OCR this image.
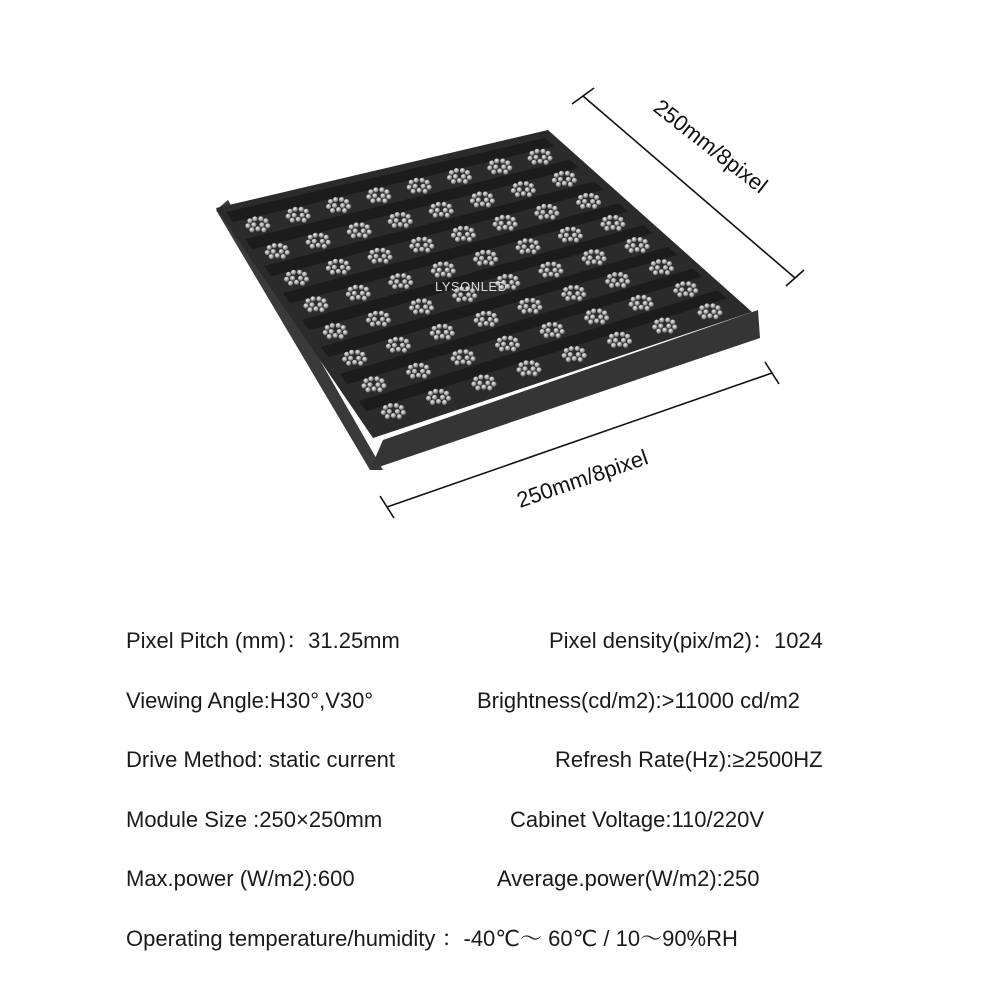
LYSONLED
250mm/8pixel
250mm/8pixel
Pixel Pitch (mm)：31.25mm	Pixel density(pix/m2)：1024
Viewing Angle:H30°,V30°	Brightness(cd/m2):>11000 cd/m2
Drive Method: static current	Refresh Rate(Hz):≥2500HZ
Module Size :250×250mm	Cabinet Voltage:110/220V
Max.power (W/m2):600	Average.power(W/m2):250
Operating temperature/humidity ：-40℃～ 60℃ / 10～90%RH
